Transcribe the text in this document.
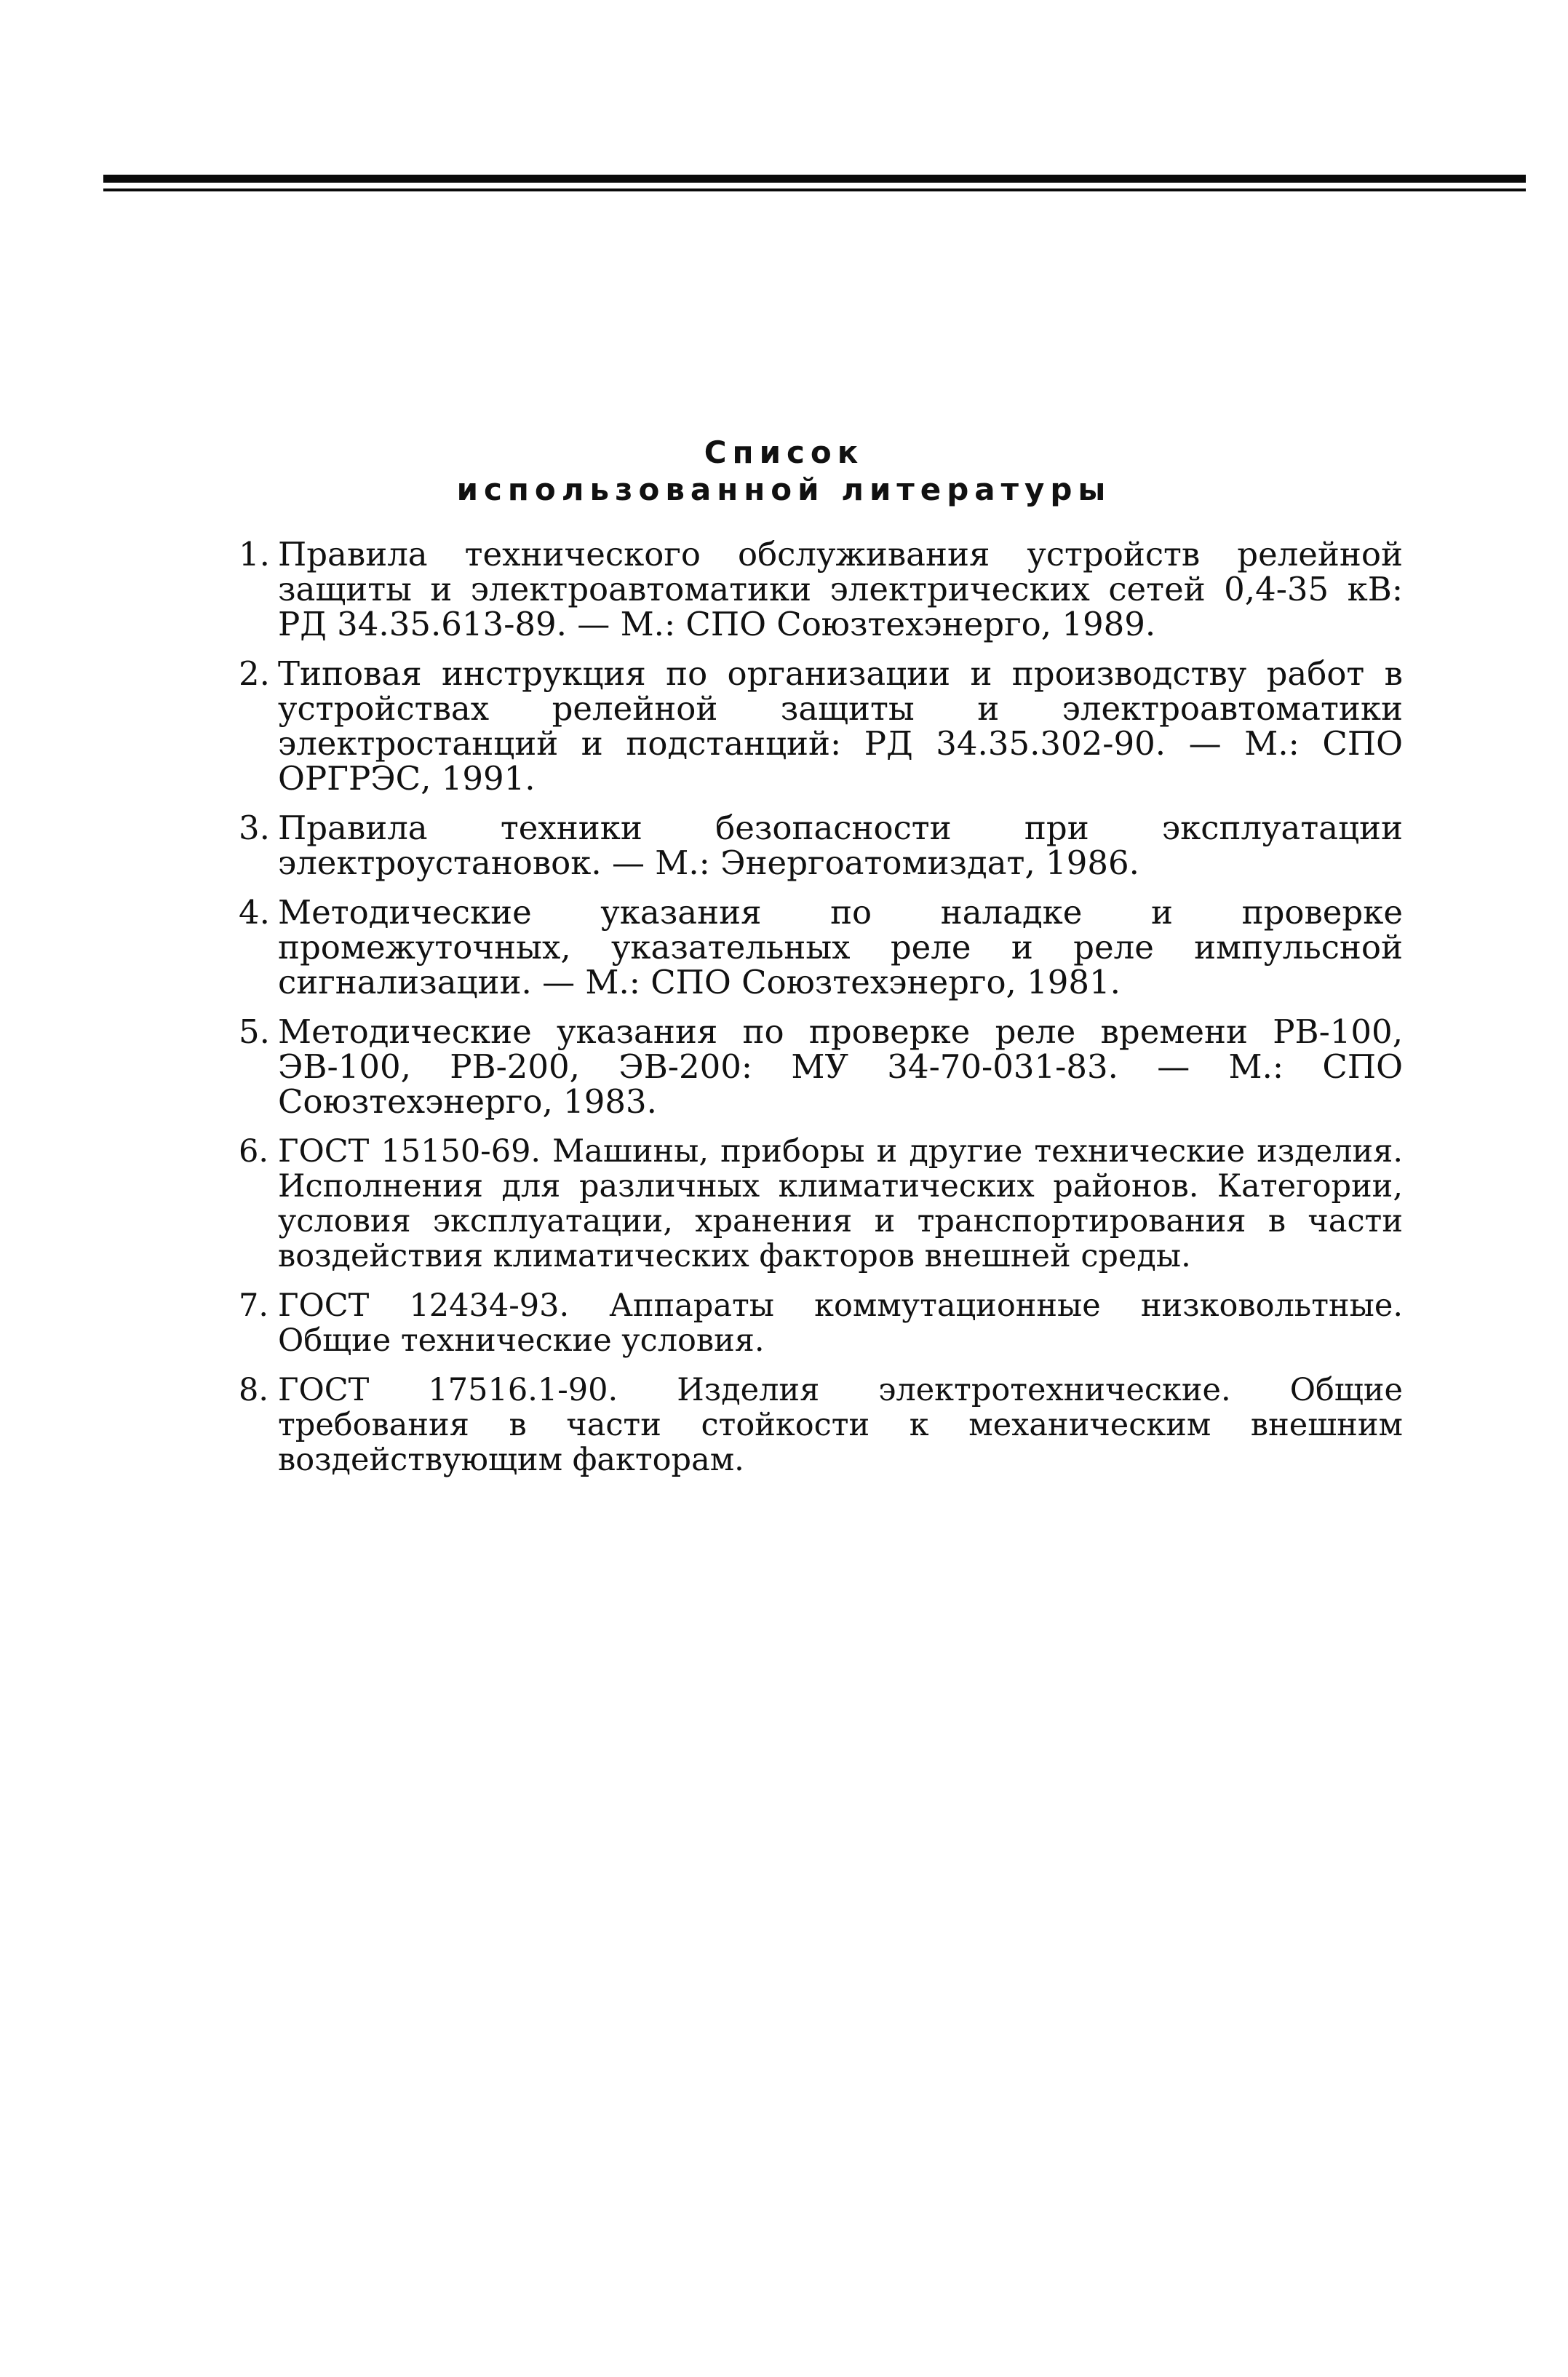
Список
использованной литературы
1. Правила технического обслуживания устройств релейной защиты и электроавтоматики электрических сетей 0,4-35 кВ: РД 34.35.613-89. — М.: СПО Союзтехэнерго, 1989.
2. Типовая инструкция по организации и производству работ в устройствах релейной защиты и электроавтоматики электростанций и подстанций: РД 34.35.302-90. — М.: СПО ОРГРЭС, 1991.
3. Правила техники безопасности при эксплуатации электроустановок. — М.: Энергоатомиздат, 1986.
4. Методические указания по наладке и проверке промежуточных, указательных реле и реле импульсной сигнализации. — М.: СПО Союзтехэнерго, 1981.
5. Методические указания по проверке реле времени РВ-100, ЭВ-100, РВ-200, ЭВ-200: МУ 34-70-031-83. — М.: СПО Союзтехэнерго, 1983.
6. ГОСТ 15150-69. Машины, приборы и другие технические изделия. Исполнения для различных климатических районов. Категории, условия эксплуатации, хранения и транспортирования в части воздействия климатических факторов внешней среды.
7. ГОСТ 12434-93. Аппараты коммутационные низковольтные. Общие технические условия.
8. ГОСТ 17516.1-90. Изделия электротехнические. Общие требования в части стойкости к механическим внешним воздействующим факторам.
